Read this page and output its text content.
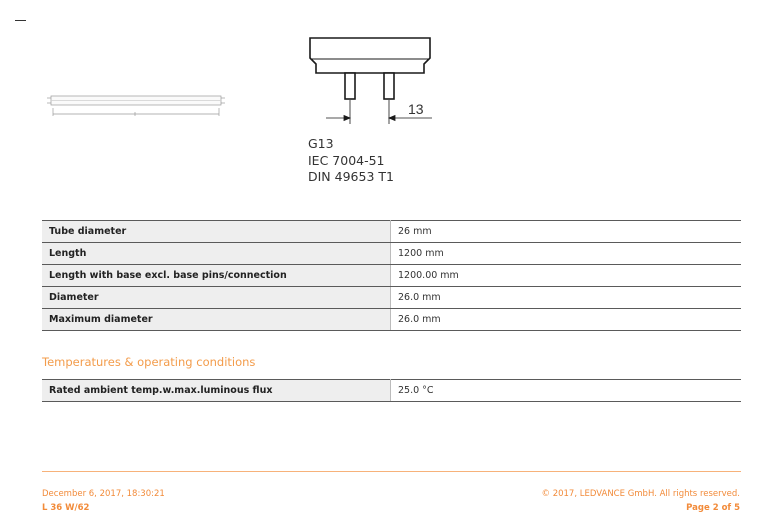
13
G13
IEC 7004-51
DIN 49653 T1
Tube diameter	26 mm
Length	1200 mm
Length with base excl. base pins/connection	1200.00 mm
Diameter	26.0 mm
Maximum diameter	26.0 mm
Temperatures & operating conditions
Rated ambient temp.w.max.luminous flux	25.0 °C
December 6, 2017, 18:30:21
L 36 W/62
© 2017, LEDVANCE GmbH. All rights reserved.
Page 2 of 5
